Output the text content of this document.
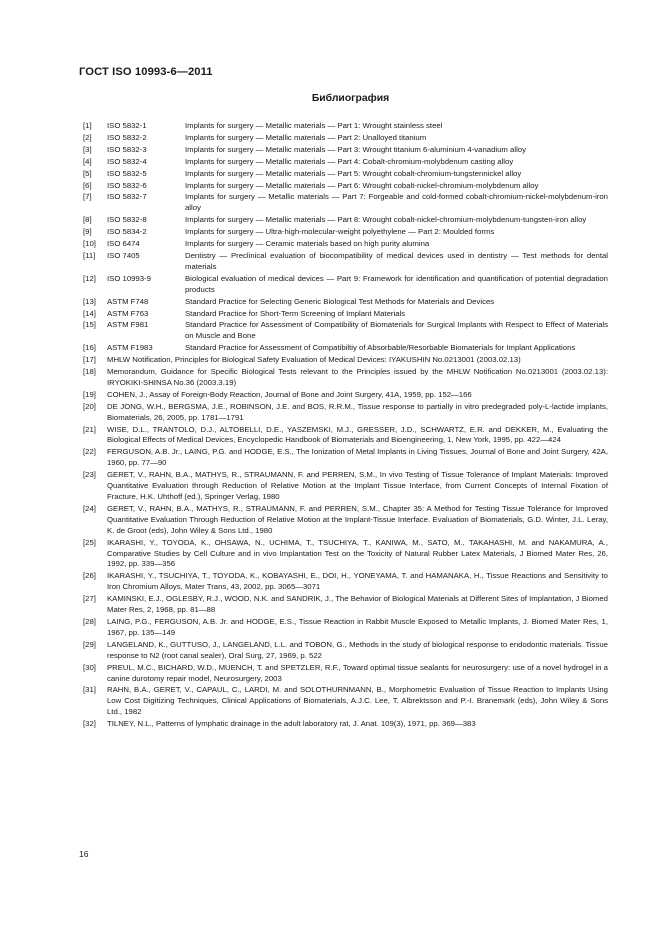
ГОСТ ISO 10993-6—2011
Библиография
[1]	ISO 5832-1	Implants for surgery — Metallic materials — Part 1: Wrought stainless steel
[2]	ISO 5832-2	Implants for surgery — Metallic materials — Part 2: Unalloyed titanium
[3]	ISO 5832-3	Implants for surgery — Metallic materials — Part 3: Wrought titanium 6-aluminium 4-vanadium alloy
[4]	ISO 5832-4	Implants for surgery — Metallic materials — Part 4: Cobalt-chromium-molybdenum casting alloy
[5]	ISO 5832-5	Implants for surgery — Metallic materials — Part 5: Wrought cobalt-chromium-tungstennickel alloy
[6]	ISO 5832-6	Implants for surgery — Metallic materials — Part 6: Wrought cobalt-nickel-chromium-molybdenum alloy
[7]	ISO 5832-7	Implants for surgery — Metallic materials — Part 7: Forgeable and cold-formed cobalt-chromium-nickel-molybdenum-iron alloy
[8]	ISO 5832-8	Implants for surgery — Metallic materials — Part 8: Wrought cobalt-nickel-chromium-molybdenum-tungsten-iron alloy
[9]	ISO 5834-2	Implants for surgery — Ultra-high-molecular-weight polyethylene — Part 2: Moulded forms
[10]	ISO 6474	Implants for surgery — Ceramic materials based on high purity alumina
[11]	ISO 7405	Dentistry — Preclinical evaluation of biocompatibility of medical devices used in dentistry — Test methods for dental materials
[12]	ISO 10993-9	Biological evaluation of medical devices — Part 9: Framework for identification and quantification of potential degradation products
[13]	ASTM F748	Standard Practice for Selecting Generic Biological Test Methods for Materials and Devices
[14]	ASTM F763	Standard Practice for Short-Term Screening of Implant Materials
[15]	ASTM F981	Standard Practice for Assessment of Compatibility of Biomaterials for Surgical Implants with Respect to Effect of Materials on Muscle and Bone
[16]	ASTM F1983	Standard Practice for Assessment of Compatibiltiy of Absorbable/Resorbable Biomaterials for Implant Applications
[17]	MHLW Notification, Principles for Biological Safety Evaluation of Medical Devices: IYAKUSHIN No.0213001 (2003.02.13)
[18]	Memorandum, Guidance for Specific Biological Tests relevant to the Principles issued by the MHLW Notification No.0213001 (2003.02.13): IRYOKIKI-SHINSA No.36 (2003.3.19)
[19]	COHEN, J., Assay of Foreign-Body Reaction, Journal of Bone and Joint Surgery, 41A, 1959, pp. 152—166
[20]	DE JONG, W.H., BERGSMA, J.E., ROBINSON, J.E. and BOS, R.R.M., Tissue response to partially in vitro predegraded poly-L-lactide implants, Biomaterials, 26, 2005, pp. 1781—1791
[21]	WISE, D.L., TRANTOLO, D.J., ALTOBELLI, D.E., YASZEMSKI, M.J., GRESSER, J.D., SCHWARTZ, E.R. and DEKKER, M., Evaluating the Biological Effects of Medical Devices, Encyclopedic Handbook of Biomaterials and Bioengineering, 1, New York, 1995, pp. 422—424
[22]	FERGUSON, A.B. Jr., LAING, P.G. and HODGE, E.S., The Ionization of Metal Implants in Living Tissues, Journal of Bone and Joint Surgery, 42A, 1960, pp. 77—90
[23]	GERET, V., RAHN, B.A., MATHYS, R., STRAUMANN, F. and PERREN, S.M., In vivo Testing of Tissue Tolerance of Implant Materials: Improved Quantitative Evaluation through Reduction of Relative Motion at the Implant Tissue Interface, from Current Concepts of Internal Fixation of Fracture, H.K. Uhthoff (ed.), Springer Verlag, 1980
[24]	GERET, V., RAHN, B.A., MATHYS, R., STRAUMANN, F. and PERREN, S.M., Chapter 35: A Method for Testing Tissue Tolerance for Improved Quantitative Evaluation Through Reduction of Relative Motion at the Implant-Tissue Interface. Evaluation of Biomaterials, G.D. Winter, J.L. Leray, K. de Groot (eds), John Wiley & Sons Ltd., 1980
[25]	IKARASHI, Y., TOYODA, K., OHSAWA, N., UCHIMA, T., TSUCHIYA, T., KANIWA, M., SATO, M., TAKAHASHI, M. and NAKAMURA, A., Comparative Studies by Cell Culture and in vivo Implantation Test on the Toxicity of Natural Rubber Latex Materials, J Biomed Mater Res, 26, 1992, pp. 339—356
[26]	IKARASHI, Y., TSUCHIYA, T., TOYODA, K., KOBAYASHI, E., DOI, H., YONEYAMA, T. and HAMANAKA, H., Tissue Reactions and Sensitivity to Iron Chromium Alloys, Mater Trans, 43, 2002, pp. 3065—3071
[27]	KAMINSKI, E.J., OGLESBY, R.J., WOOD, N.K. and SANDRIK, J., The Behavior of Biological Materials at Different Sites of Implantation, J Biomed Mater Res, 2, 1968, pp. 81—88
[28]	LAING, P.G., FERGUSON, A.B. Jr. and HODGE, E.S., Tissue Reaction in Rabbit Muscle Exposed to Metallic Implants, J. Biomed Mater Res, 1, 1967, pp. 135—149
[29]	LANGELAND, K., GUTTUSO, J., LANGELAND, L.L. and TOBON, G., Methods in the study of biological response to endodontic materials. Tissue response to N2 (root canal sealer), Oral Surg, 27, 1969, p. 522
[30]	PREUL, M.C., BICHARD, W.D., MUENCH, T. and SPETZLER, R.F., Toward optimal tissue sealants for neurosurgery: use of a novel hydrogel in a canine durotomy repair model, Neurosurgery, 2003
[31]	RAHN, B.A., GERET, V., CAPAUL, C., LARDI, M. and SOLOTHURNMANN, B., Morphometric Evaluation of Tissue Reaction to Implants Using Low Cost Digitizing Techniques, Clinical Applications of Biomaterials, A.J.C. Lee, T. Albrektsson and P.-I. Branemark (eds), John Wiley & Sons Ltd., 1982
[32]	TILNEY, N.L., Patterns of lymphatic drainage in the adult laboratory rat, J. Anat. 109(3), 1971, pp. 369—383
16
